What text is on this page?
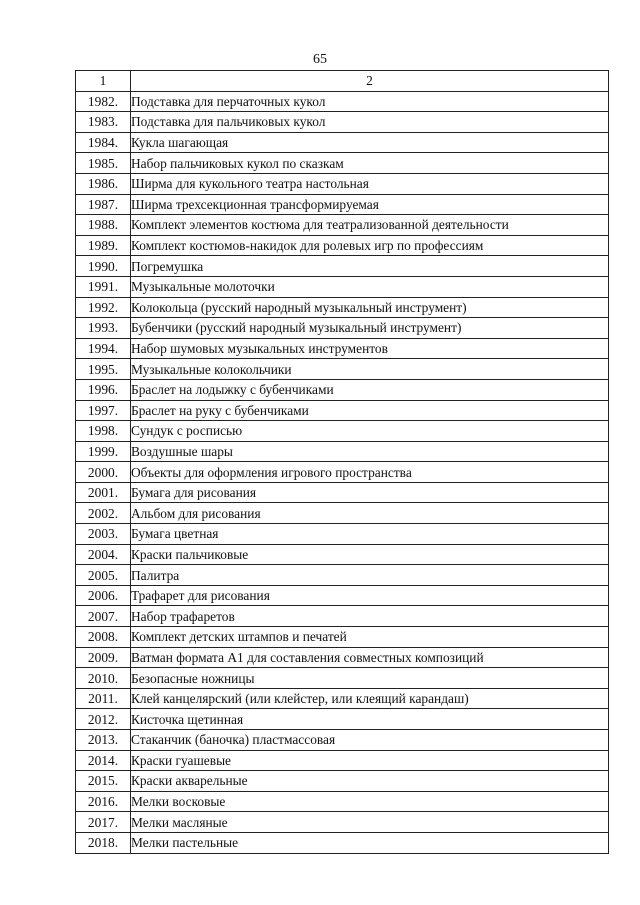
65
1	2
1982.	Подставка для перчаточных кукол
1983.	Подставка для пальчиковых кукол
1984.	Кукла шагающая
1985.	Набор пальчиковых кукол по сказкам
1986.	Ширма для кукольного театра настольная
1987.	Ширма трехсекционная трансформируемая
1988.	Комплект элементов костюма для театрализованной деятельности
1989.	Комплект костюмов-накидок для ролевых игр по профессиям
1990.	Погремушка
1991.	Музыкальные молоточки
1992.	Колокольца (русский народный музыкальный инструмент)
1993.	Бубенчики (русский народный музыкальный инструмент)
1994.	Набор шумовых музыкальных инструментов
1995.	Музыкальные колокольчики
1996.	Браслет на лодыжку с бубенчиками
1997.	Браслет на руку с бубенчиками
1998.	Сундук с росписью
1999.	Воздушные шары
2000.	Объекты для оформления игрового пространства
2001.	Бумага для рисования
2002.	Альбом для рисования
2003.	Бумага цветная
2004.	Краски пальчиковые
2005.	Палитра
2006.	Трафарет для рисования
2007.	Набор трафаретов
2008.	Комплект детских штампов и печатей
2009.	Ватман формата А1 для составления совместных композиций
2010.	Безопасные ножницы
2011.	Клей канцелярский (или клейстер, или клеящий карандаш)
2012.	Кисточка щетинная
2013.	Стаканчик (баночка) пластмассовая
2014.	Краски гуашевые
2015.	Краски акварельные
2016.	Мелки восковые
2017.	Мелки масляные
2018.	Мелки пастельные
